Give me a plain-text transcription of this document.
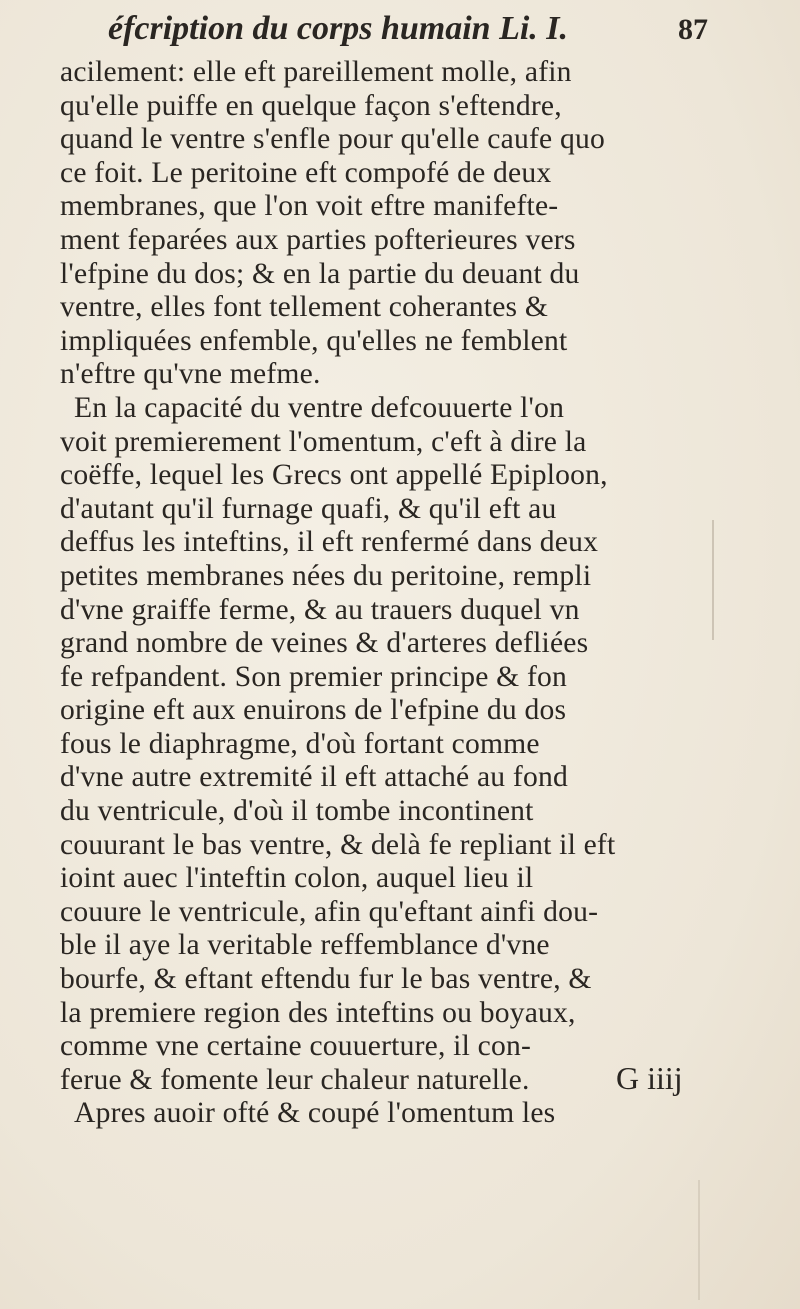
éfcription du corps humain Li. I.	87
acilement: elle eft pareillement molle, afin
qu'elle puiffe en quelque façon s'eftendre,
quand le ventre s'enfle pour qu'elle caufe quo
ce foit. Le peritoine eft compofé de deux
membranes, que l'on voit eftre manifefte-
ment feparées aux parties pofterieures vers
l'efpine du dos; & en la partie du deuant du
ventre, elles font tellement coherantes &
impliquées enfemble, qu'elles ne femblent
n'eftre qu'vne mefme.
En la capacité du ventre defcouuerte l'on
voit premierement l'omentum, c'eft à dire la
coëffe, lequel les Grecs ont appellé Epiploon,
d'autant qu'il furnage quafi, & qu'il eft au
deffus les inteftins, il eft renfermé dans deux
petites membranes nées du peritoine, rempli
d'vne graiffe ferme, & au trauers duquel vn
grand nombre de veines & d'arteres defliées
fe refpandent. Son premier principe & fon
origine eft aux enuirons de l'efpine du dos
fous le diaphragme, d'où fortant comme
d'vne autre extremité il eft attaché au fond
du ventricule, d'où il tombe incontinent
couurant le bas ventre, & delà fe repliant il eft
ioint auec l'inteftin colon, auquel lieu il
couure le ventricule, afin qu'eftant ainfi dou-
ble il aye la veritable reffemblance d'vne
bourfe, & eftant eftendu fur le bas ventre, &
la premiere region des inteftins ou boyaux,
comme vne certaine couuerture, il con-
ferue & fomente leur chaleur naturelle.
Apres auoir ofté & coupé l'omentum les
G iiij
